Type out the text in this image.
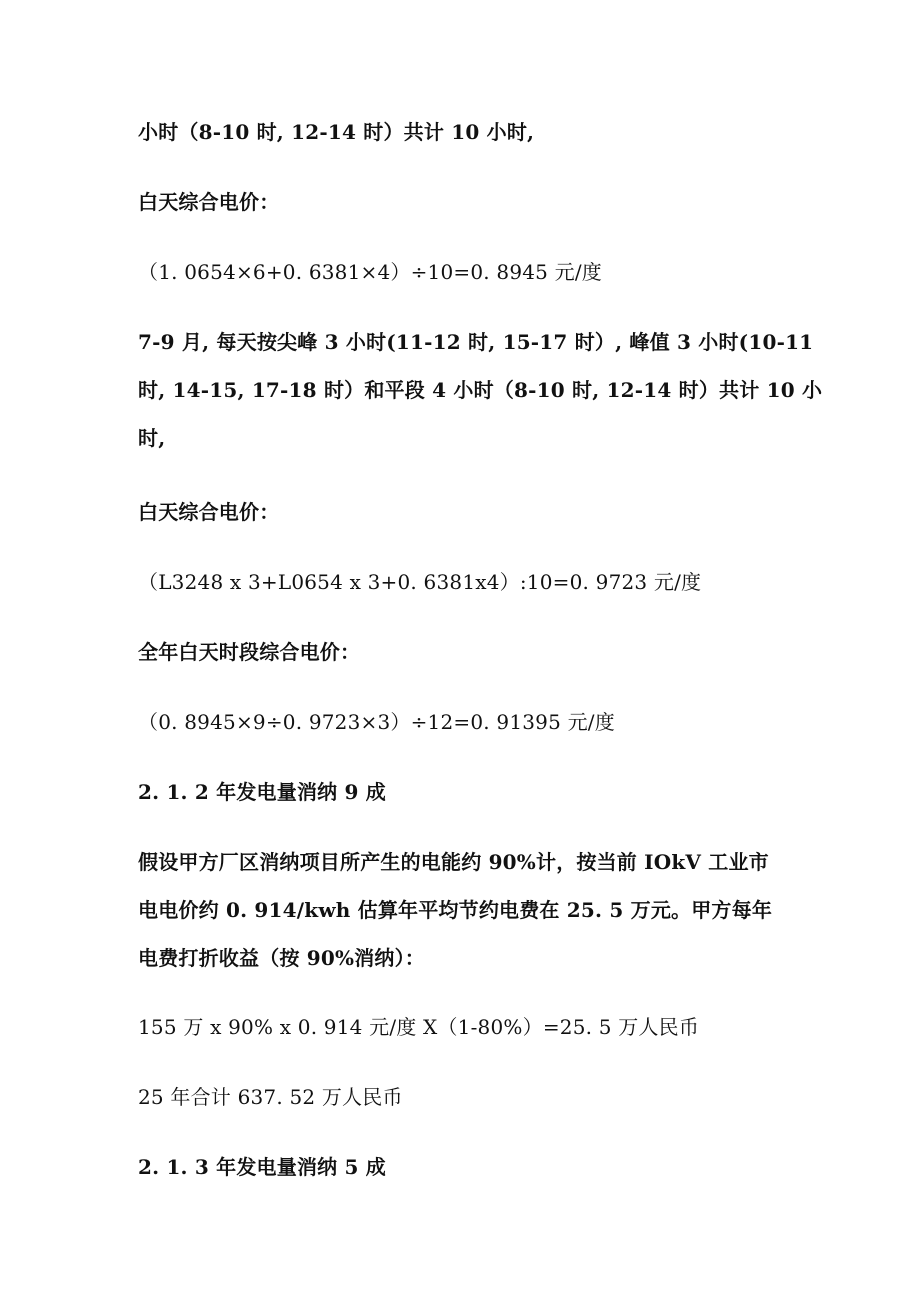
小时（8-10 时, 12-14 时）共计 10 小时,
白天综合电价：
（1. 0654×6+0. 6381×4）÷10=0. 8945 元/度
7-9 月, 每天按尖峰 3 小时(11-12 时, 15-17 时）, 峰值 3 小时(10-11
时, 14-15, 17-18 时）和平段 4 小时（8-10 时, 12-14 时）共计 10 小
时,
白天综合电价：
（L3248 x 3+L0654 x 3+0. 6381x4）:10=0. 9723 元/度
全年白天时段综合电价：
（0. 8945×9÷0. 9723×3）÷12=0. 91395 元/度
2. 1. 2 年发电量消纳 9 成
假设甲方厂区消纳项目所产生的电能约 90%计，按当前 IOkV 工业市
电电价约 0. 914/kwh 估算年平均节约电费在 25. 5 万元。甲方每年
电费打折收益（按 90%消纳）：
155 万 x 90% x 0. 914 元/度 X（1-80%）=25. 5 万人民币
25 年合计 637. 52 万人民币
2. 1. 3 年发电量消纳 5 成
